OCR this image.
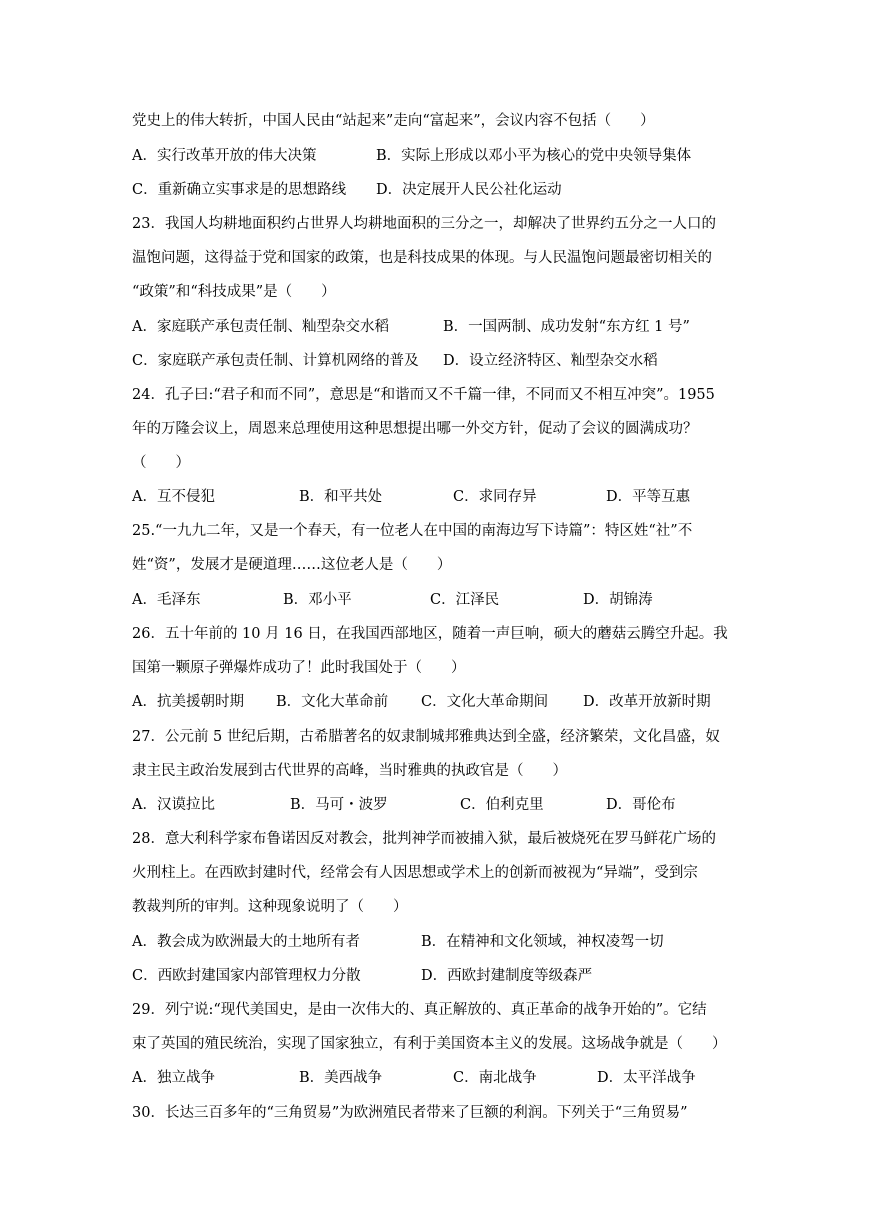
党史上的伟大转折，中国人民由“站起来”走向“富起来”，会议内容不包括（　　）
A．实行改革开放的伟大决策	B．实际上形成以邓小平为核心的党中央领导集体
C．重新确立实事求是的思想路线 D．决定展开人民公社化运动
23．我国人均耕地面积约占世界人均耕地面积的三分之一，却解决了世界约五分之一人口的
温饱问题，这得益于党和国家的政策，也是科技成果的体现。与人民温饱问题最密切相关的
“政策”和“科技成果”是（　　）
A．家庭联产承包责任制、籼型杂交水稻	B．一国两制、成功发射“东方红 1 号”
C．家庭联产承包责任制、计算机网络的普及 D．设立经济特区、籼型杂交水稻
24．孔子曰:“君子和而不同”，意思是“和谐而又不千篇一律，不同而又不相互冲突”。1955
年的万隆会议上，周恩来总理使用这种思想提出哪一外交方针，促动了会议的圆满成功？
（　　）
A．互不侵犯	B．和平共处	C．求同存异	D．平等互惠
25.“一九九二年，又是一个春天，有一位老人在中国的南海边写下诗篇”：特区姓“社”不
姓“资”，发展才是硬道理……这位老人是（　　）
A．毛泽东	B．邓小平	C．江泽民	D．胡锦涛
26．五十年前的 10 月 16 日，在我国西部地区，随着一声巨响，硕大的蘑菇云腾空升起。我
国第一颗原子弹爆炸成功了！此时我国处于（　　）
A．抗美援朝时期 B．文化大革命前 C．文化大革命期间 D．改革开放新时期
27．公元前 5 世纪后期，古希腊著名的奴隶制城邦雅典达到全盛，经济繁荣，文化昌盛，奴
隶主民主政治发展到古代世界的高峰，当时雅典的执政官是（　　）
A．汉谟拉比	B．马可・波罗	C．伯利克里	D．哥伦布
28．意大利科学家布鲁诺因反对教会，批判神学而被捕入狱，最后被烧死在罗马鲜花广场的
火刑柱上。在西欧封建时代，经常会有人因思想或学术上的创新而被视为“异端”，受到宗
教裁判所的审判。这种现象说明了（　　）
A．教会成为欧洲最大的土地所有者	B．在精神和文化领域，神权凌驾一切
C．西欧封建国家内部管理权力分散	D．西欧封建制度等级森严
29．列宁说:“现代美国史，是由一次伟大的、真正解放的、真正革命的战争开始的”。它结
束了英国的殖民统治，实现了国家独立，有利于美国资本主义的发展。这场战争就是（　　）
A．独立战争	B．美西战争	C．南北战争	D．太平洋战争
30．长达三百多年的“三角贸易”为欧洲殖民者带来了巨额的利润。下列关于“三角贸易”
